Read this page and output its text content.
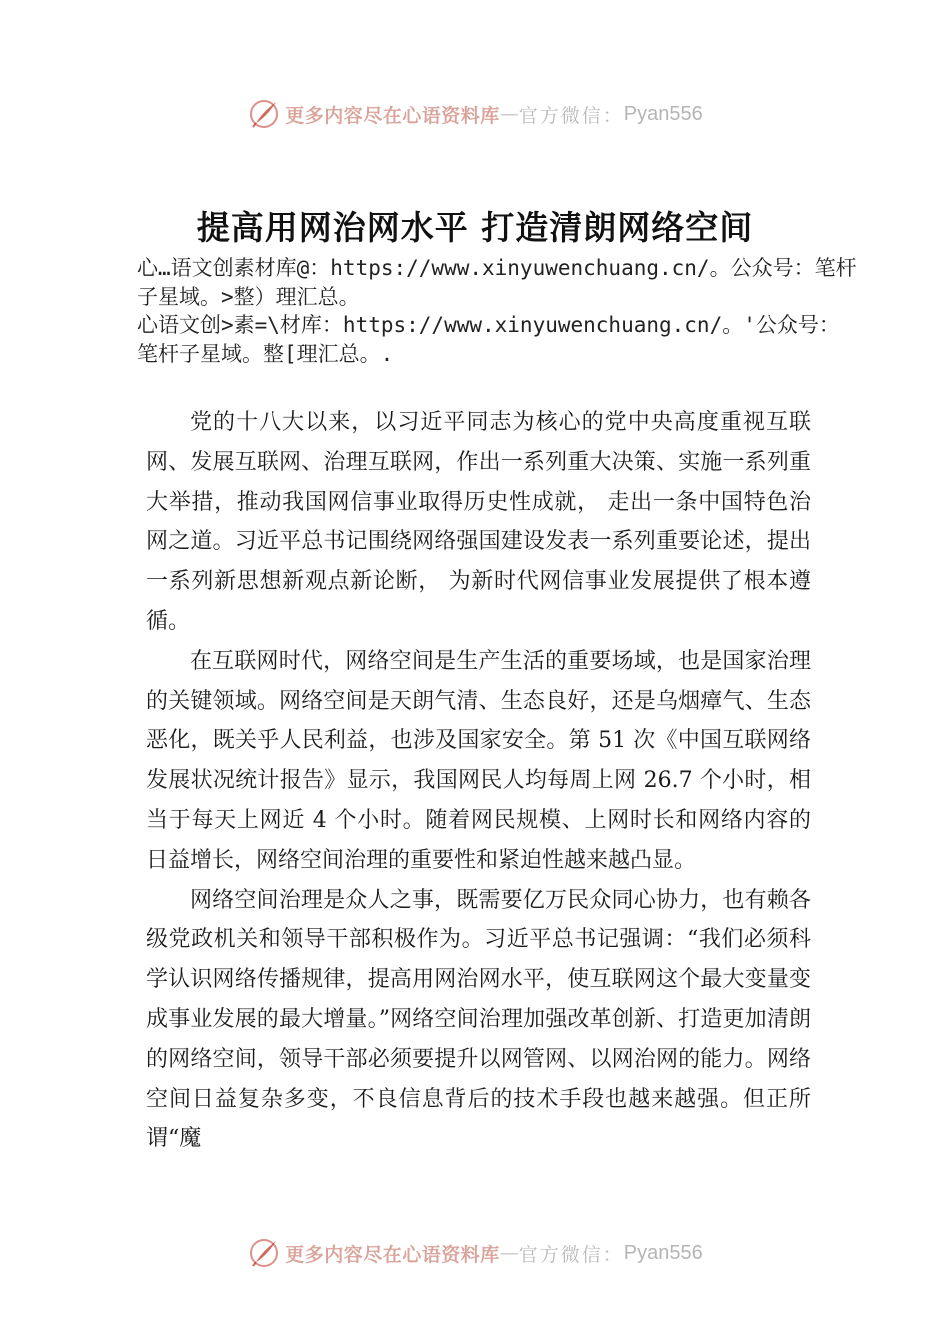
更多内容尽在心语资料库 — 官方微信： Pyan556
提高用网治网水平 打造清朗网络空间

心…语文创素材库@：https://www.xinyuwenchuang.cn/。公众号：笔杆子星域。>整）理汇总。

心语文创>素=\材库：https://www.xinyuwenchuang.cn/。'公众号：笔杆子星域。整[理汇总。.

党的十八大以来，以习近平同志为核心的党中央高度重视互联网、发展互联网、治理互联网，作出一系列重大决策、实施一系列重大举措，推动我国网信事业取得历史性成就， 走出一条中国特色治网之道。习近平总书记围绕网络强国建设发表一系列重要论述，提出一系列新思想新观点新论断， 为新时代网信事业发展提供了根本遵循。

在互联网时代，网络空间是生产生活的重要场域，也是国家治理的关键领域。网络空间是天朗气清、生态良好，还是乌烟瘴气、生态恶化，既关乎人民利益，也涉及国家安全。第 51 次《中国互联网络发展状况统计报告》显示，我国网民人均每周上网 26.7 个小时，相当于每天上网近 4 个小时。随着网民规模、上网时长和网络内容的日益增长，网络空间治理的重要性和紧迫性越来越凸显。

网络空间治理是众人之事，既需要亿万民众同心协力，也有赖各级党政机关和领导干部积极作为。习近平总书记强调：“我们必须科学认识网络传播规律，提高用网治网水平，使互联网这个最大变量变成事业发展的最大增量。”网络空间治理加强改革创新、打造更加清朗的网络空间，领导干部必须要提升以网管网、以网治网的能力。网络空间日益复杂多变，不良信息背后的技术手段也越来越强。但正所谓“魔

更多内容尽在心语资料库 — 官方微信： Pyan556
